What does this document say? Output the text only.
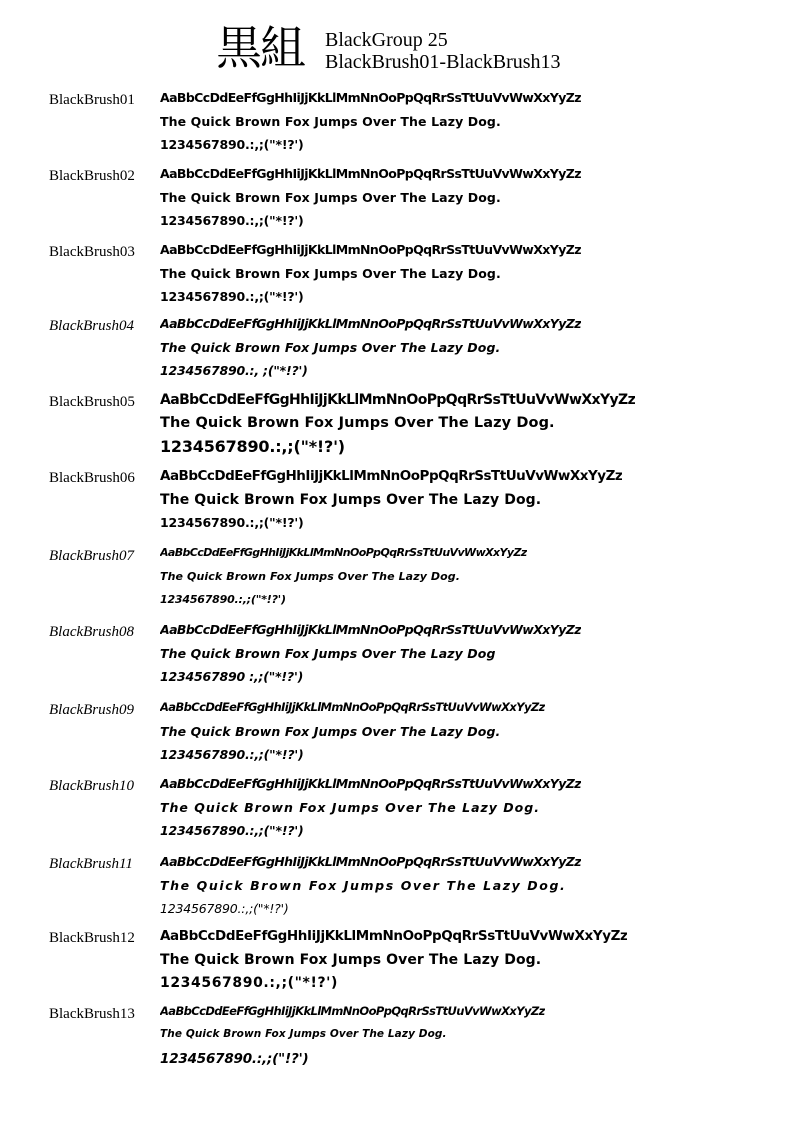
黒組 BlackGroup 25
BlackBrush01-BlackBrush13
BlackBrush01 AaBbCcDdEeFfGgHhIiJjKkLlMmNnOoPpQqRrSsTtUuVvWwXxYyZz
The Quick Brown Fox Jumps Over The Lazy Dog.
1234567890.:,;("*!?')
BlackBrush02 AaBbCcDdEeFfGgHhIiJjKkLlMmNnOoPpQqRrSsTtUuVvWwXxYyZz
The Quick Brown Fox Jumps Over The Lazy Dog.
1234567890.:,;("*!?')
BlackBrush03 AaBbCcDdEeFfGgHhIiJjKkLlMmNnOoPpQqRrSsTtUuVvWwXxYyZz
The Quick Brown Fox Jumps Over The Lazy Dog.
1234567890.:,;("*!?')
BlackBrush04 AaBbCcDdEeFfGgHhIiJjKkLlMmNnOoPpQqRrSsTtUuVvWwXxYyZz
The Quick Brown Fox Jumps Over The Lazy Dog.
1234567890.:, ;("*!?')
BlackBrush05 AaBbCcDdEeFfGgHhIiJjKkLlMmNnOoPpQqRrSsTtUuVvWwXxYyZz
The Quick Brown Fox Jumps Over The Lazy Dog.
1234567890.:,;("*!?')
BlackBrush06 AaBbCcDdEeFfGgHhIiJjKkLlMmNnOoPpQqRrSsTtUuVvWwXxYyZz
The Quick Brown Fox Jumps Over The Lazy Dog.
1234567890.:,;("*!?')
BlackBrush07 AaBbCcDdEeFfGgHhIiJjKkLlMmNnOoPpQqRrSsTtUuVvWwXxYyZz
The Quick Brown Fox Jumps Over The Lazy Dog.
1234567890.:,;("*!?')
BlackBrush08 AaBbCcDdEeFfGgHhIiJjKkLlMmNnOoPpQqRrSsTtUuVvWwXxYyZz
The Quick Brown Fox Jumps Over The Lazy Dog
1234567890 :,;("*!?')
BlackBrush09 AaBbCcDdEeFfGgHhIiJjKkLlMmNnOoPpQqRrSsTtUuVvWwXxYyZz
The Quick Brown Fox Jumps Over The Lazy Dog.
1234567890.:,;("*!?')
BlackBrush10 AaBbCcDdEeFfGgHhIiJjKkLlMmNnOoPpQqRrSsTtUuVvWwXxYyZz
The Quick Brown Fox Jumps Over The Lazy Dog.
1234567890.:,;("*!?')
BlackBrush11 AaBbCcDdEeFfGgHhIiJjKkLlMmNnOoPpQqRrSsTtUuVvWwXxYyZz
The Quick Brown Fox Jumps Over The Lazy Dog.
1234567890.:,;("*!?')
BlackBrush12 AaBbCcDdEeFfGgHhIiJjKkLlMmNnOoPpQqRrSsTtUuVvWwXxYyZz
The Quick Brown Fox Jumps Over The Lazy Dog.
1234567890.:,;("*!?')
BlackBrush13 AaBbCcDdEeFfGgHhIiJjKkLlMmNnOoPpQqRrSsTtUuVvWwXxYyZz
The Quick Brown Fox Jumps Over The Lazy Dog.
1234567890.:,;("!?')
